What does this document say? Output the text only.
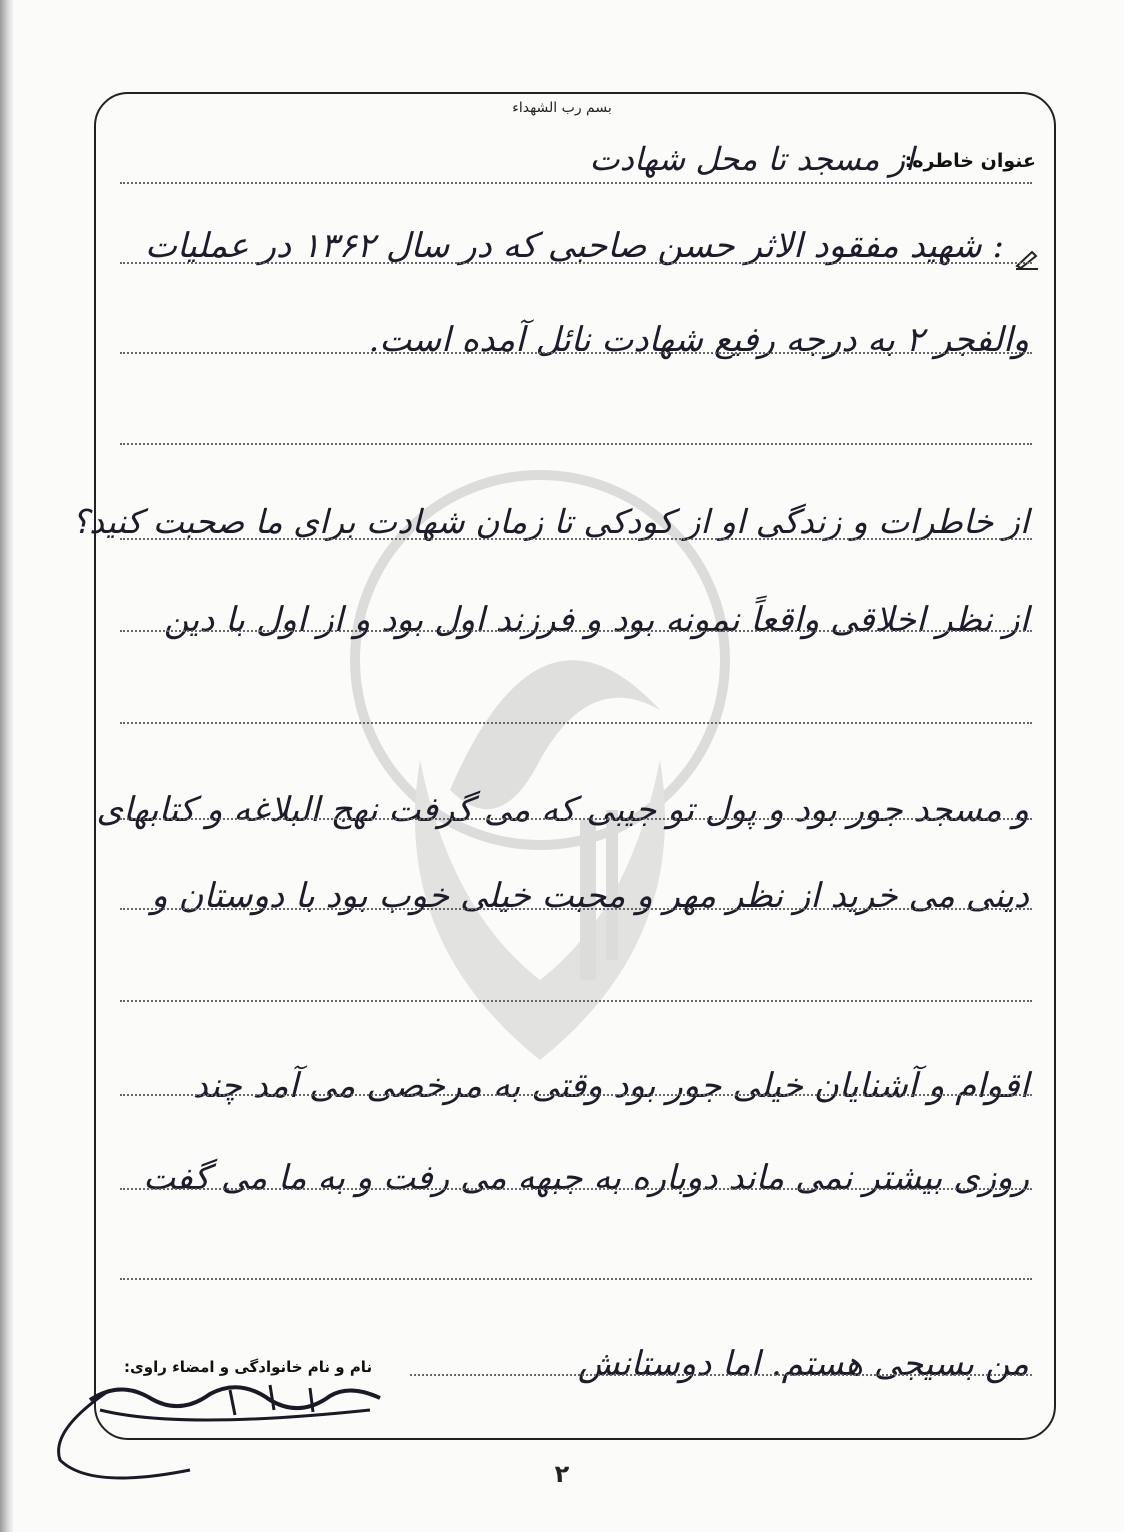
بسم رب الشهداء
عنوان خاطره:
از مسجد تا محل شهادت
: شهید مفقود الاثر حسن صاحبی که در سال ۱۳۶۲ در عملیات
والفجر ۲ به درجه رفیع شهادت نائل آمده است.
از خاطرات و زندگی او از کودکی تا زمان شهادت برای ما صحبت کنید؟
از نظر اخلاقی واقعاً نمونه بود و فرزند اول بود و از اول با دین
و مسجد جور بود و پول تو جیبی که می گرفت نهج البلاغه و کتابهای
دینی می خرید از نظر مهر و محبت خیلی خوب بود با دوستان و
اقوام و آشنایان خیلی جور بود وقتی به مرخصی می آمد چند
روزی بیشتر نمی ماند دوباره به جبهه می رفت و به ما می گفت
من بسیجی هستم. اما دوستانش
نام و نام خانوادگی و امضاء راوی:
۲
